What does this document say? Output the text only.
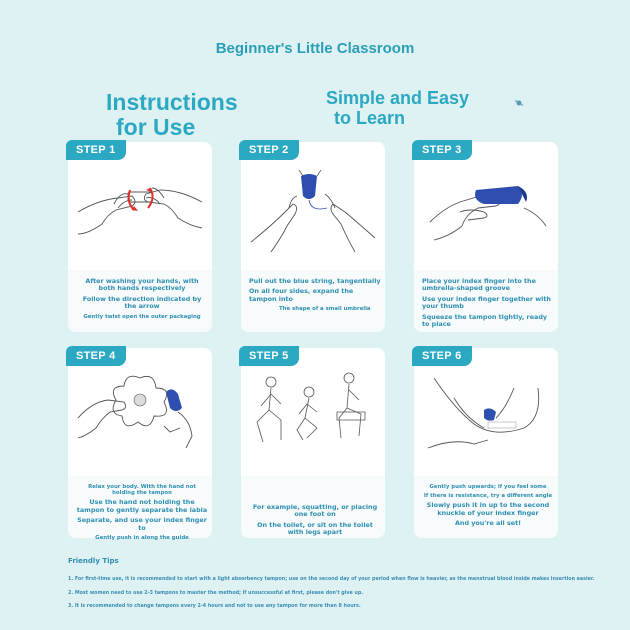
Beginner's Little Classroom
Instructions
for Use
Simple and Easy
to Learn
STEP 1
After washing your hands, with both hands respectively
Follow the direction indicated by the arrow
Gently twist open the outer packaging
STEP 2
Pull out the blue string, tangentially
On all four sides, expand the tampon into
The shape of a small umbrella
STEP 3
Place your index finger into the umbrella-shaped groove
Use your index finger together with your thumb
Squeeze the tampon tightly, ready to place
STEP 4
Relax your body. With the hand not holding the tampon
Use the hand not holding the tampon to gently separate the labia
Separate, and use your index finger to
Gently push in along the guide
STEP 5
For example, squatting, or placing one foot on
On the toilet, or sit on the toilet with legs apart
STEP 6
Gently push upwards; if you feel some
If there is resistance, try a different angle
Slowly push it in up to the second knuckle of your index finger
And you're all set!
Friendly Tips
1. For first-time use, it is recommended to start with a light absorbency tampon; use on the second day of your period when flow is heavier, as the menstrual blood inside makes insertion easier.
2. Most women need to use 2-3 tampons to master the method; if unsuccessful at first, please don't give up.
3. It is recommended to change tampons every 2-4 hours and not to use any tampon for more than 8 hours.
